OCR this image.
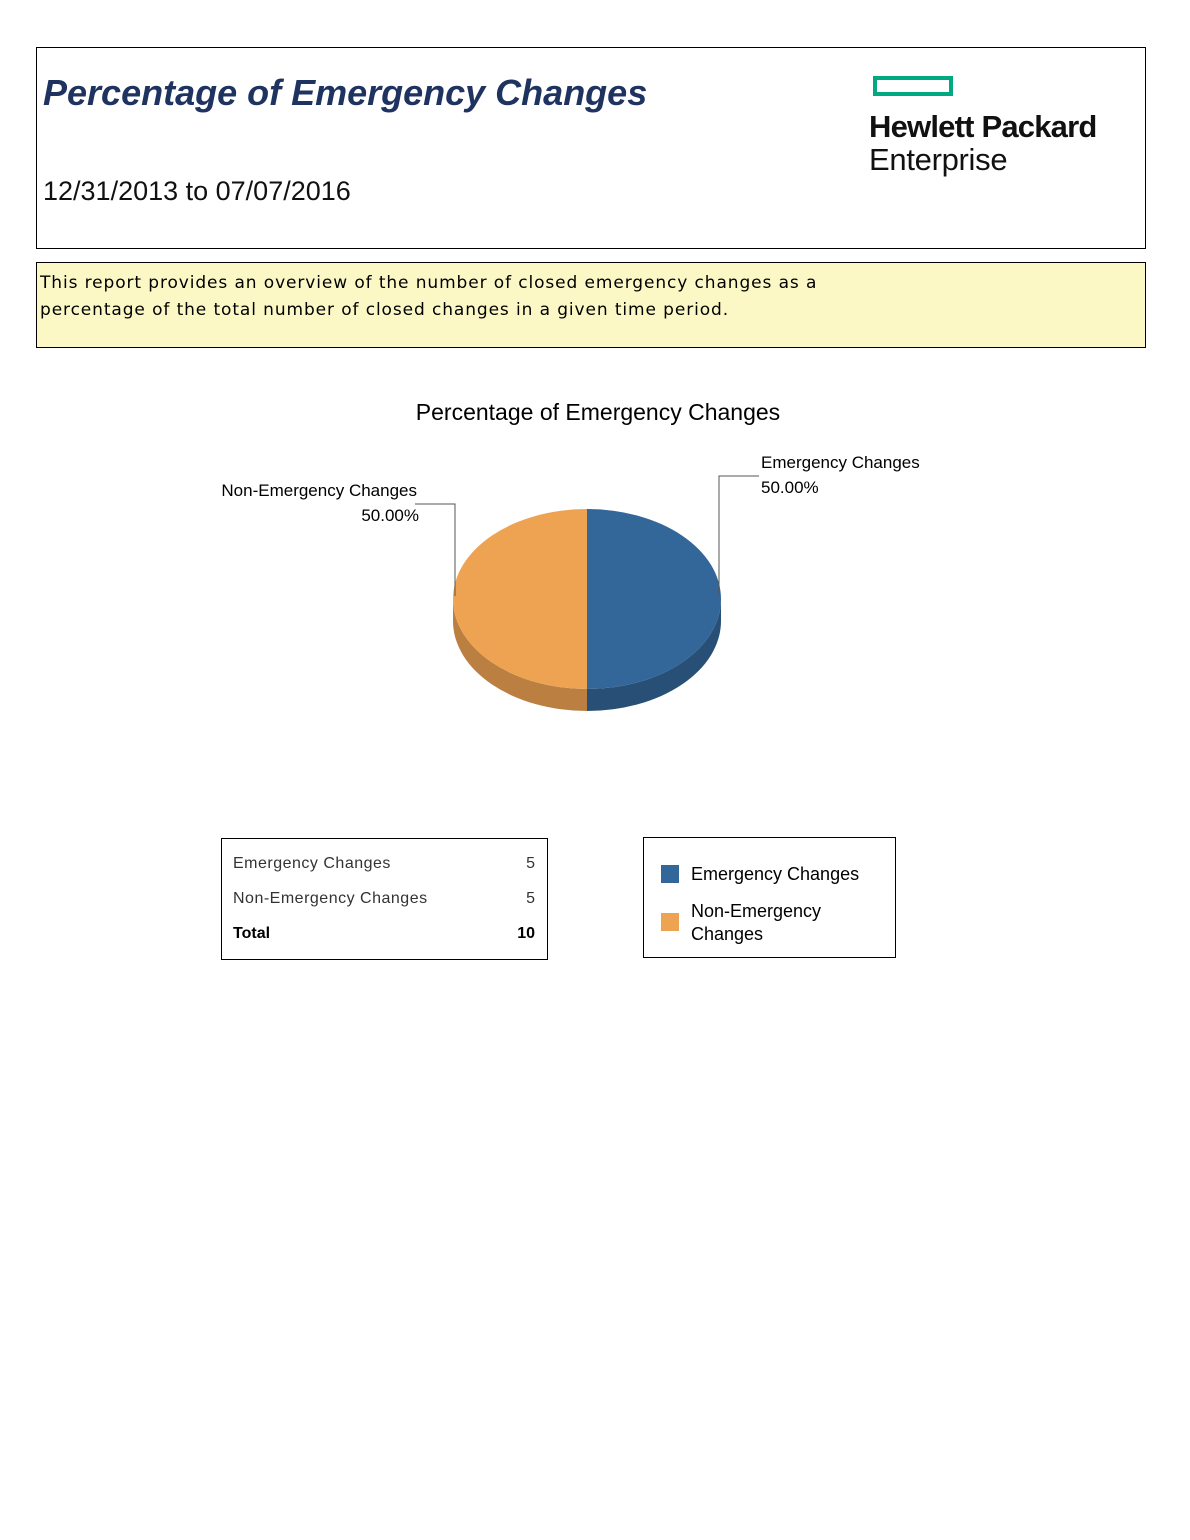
Percentage of Emergency Changes
12/31/2013 to 07/07/2016
Hewlett Packard
Enterprise
This report provides an overview of the number of closed emergency changes as a percentage of the total number of closed changes in a given time period.
Percentage of Emergency Changes
Emergency Changes
50.00%
Non-Emergency Changes
50.00%
Emergency Changes	5
Non-Emergency Changes	5
Total	10
Emergency Changes
Non-Emergency Changes
